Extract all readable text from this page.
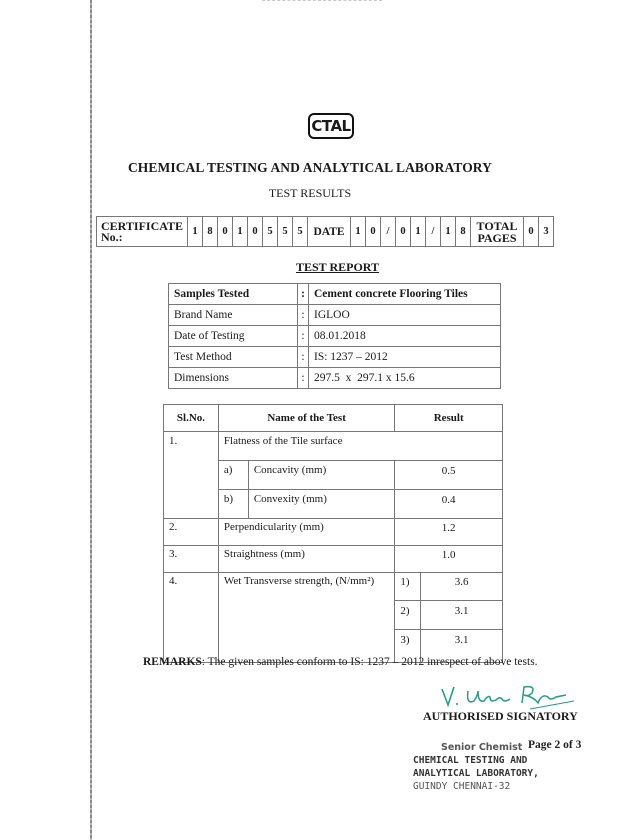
CTAL
CHEMICAL TESTING AND ANALYTICAL LABORATORY
TEST RESULTS
CERTIFICATE No.:	1	8	0	1	0	5	5	5	DATE	1	0	/	0	1	/	1	8	TOTAL PAGES	0	3
TEST REPORT
Samples Tested	:	Cement concrete Flooring Tiles
Brand Name	:	IGLOO
Date of Testing	:	08.01.2018
Test Method	:	IS: 1237 – 2012
Dimensions	:	297.5  x  297.1 x 15.6
Sl.No.	Name of the Test		Result	
1.	Flatness of the Tile surface			
	a)	Concavity (mm)	0.5	
	b)	Convexity (mm)	0.4	
2.	Perpendicularity (mm)		1.2	
3.	Straightness (mm)		1.0	
4.	Wet Transverse strength, (N/mm²)		1)	3.6
			2)	3.1
			3)	3.1
REMARKS: The given samples conform to IS: 1237 – 2012 inrespect of above tests.
AUTHORISED SIGNATORY
Senior Chemist
CHEMICAL TESTING AND
ANALYTICAL LABORATORY,
GUINDY CHENNAI-32
Page 2 of 3
